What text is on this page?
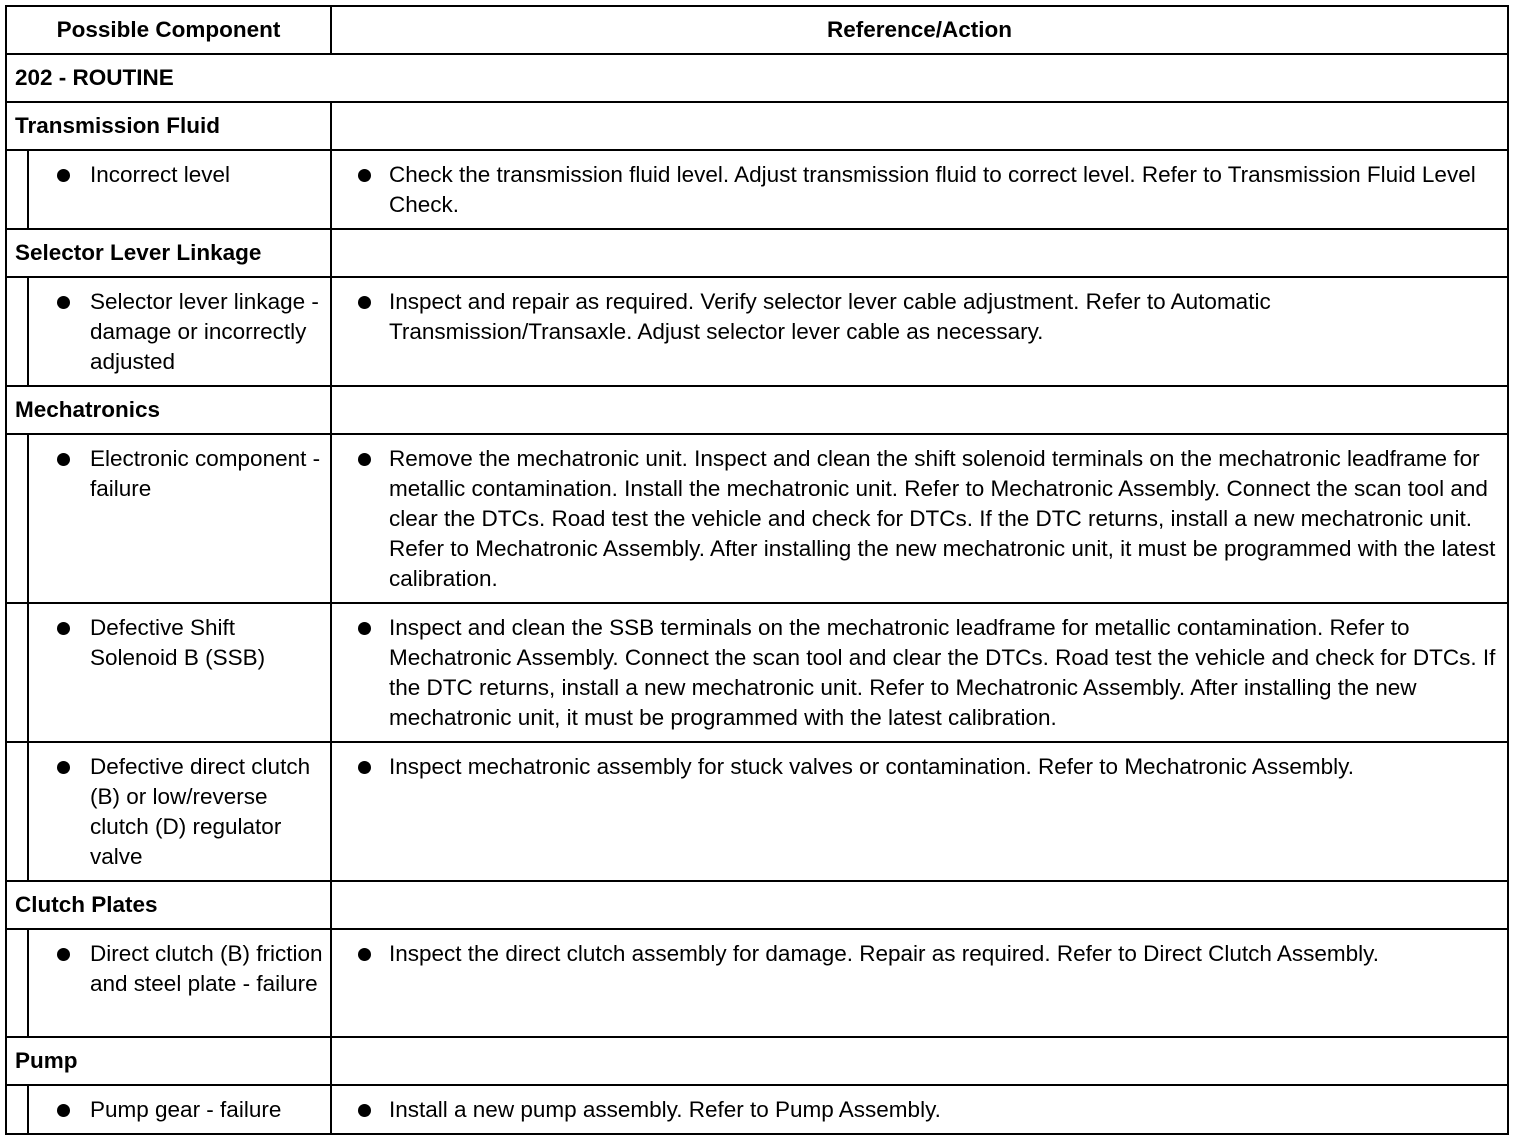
Possible Component	Reference/Action
202 - ROUTINE	
Transmission Fluid	

Incorrect level	Check the transmission fluid level. Adjust transmission fluid to correct level. Refer to Transmission Fluid Level Check.

Selector Lever Linkage	

Selector lever linkage - damage or incorrectly adjusted	Inspect and repair as required. Verify selector lever cable adjustment. Refer to Automatic Transmission/Transaxle. Adjust selector lever cable as necessary.

Mechatronics	

Electronic component - failure	Remove the mechatronic unit. Inspect and clean the shift solenoid terminals on the mechatronic leadframe for metallic contamination. Install the mechatronic unit. Refer to Mechatronic Assembly. Connect the scan tool and clear the DTCs. Road test the vehicle and check for DTCs. If the DTC returns, install a new mechatronic unit. Refer to Mechatronic Assembly. After installing the new mechatronic unit, it must be programmed with the latest calibration.

Defective Shift Solenoid B (SSB)	Inspect and clean the SSB terminals on the mechatronic leadframe for metallic contamination. Refer to Mechatronic Assembly. Connect the scan tool and clear the DTCs. Road test the vehicle and check for DTCs. If the DTC returns, install a new mechatronic unit. Refer to Mechatronic Assembly. After installing the new mechatronic unit, it must be programmed with the latest calibration.

Defective direct clutch (B) or low/reverse clutch (D) regulator valve	Inspect mechatronic assembly for stuck valves or contamination. Refer to Mechatronic Assembly.

Clutch Plates	

Direct clutch (B) friction and steel plate - failure	Inspect the direct clutch assembly for damage. Repair as required. Refer to Direct Clutch Assembly.

Pump	

Pump gear - failure	Install a new pump assembly. Refer to Pump Assembly.
